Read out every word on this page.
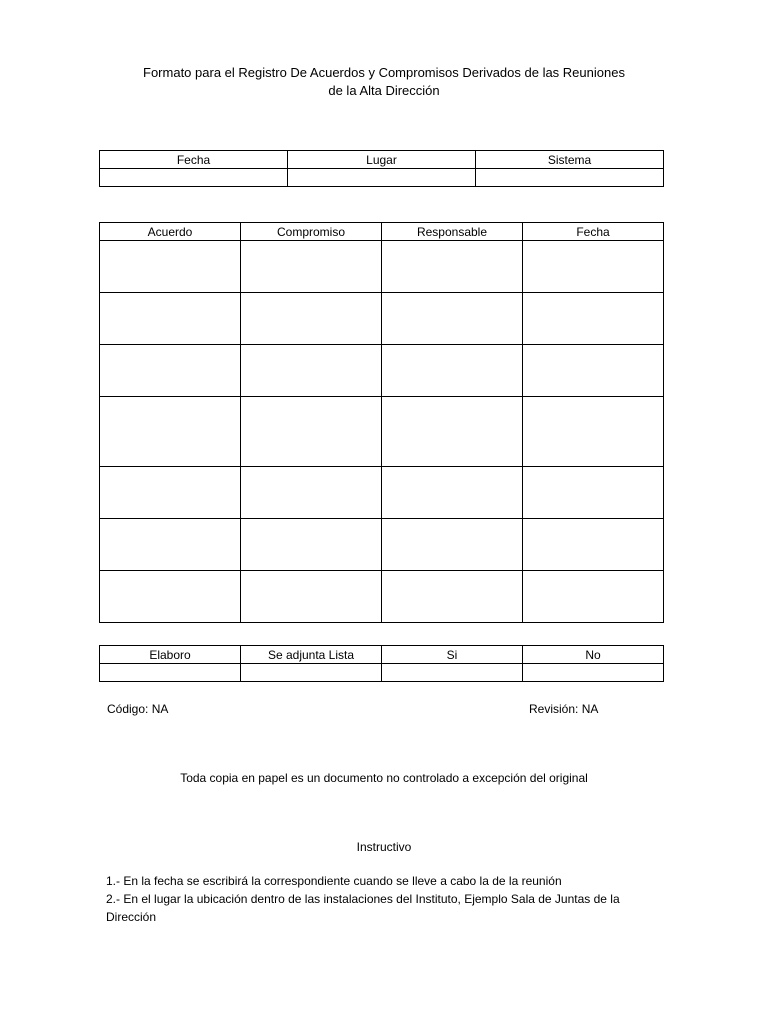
Formato para el Registro De Acuerdos y Compromisos Derivados de las Reuniones
de la Alta Dirección
Fecha	Lugar	Sistema

Acuerdo	Compromiso	Responsable	Fecha

Elaboro	Se adjunta Lista	Si	No

Código: NA	Revisión: NA
Toda copia en papel es un documento no controlado a excepción del original
Instructivo

1.- En la fecha se escribirá la correspondiente cuando se lleve a cabo la de la reunión

2.- En el lugar la ubicación dentro de las instalaciones del Instituto, Ejemplo Sala de Juntas de la Dirección
